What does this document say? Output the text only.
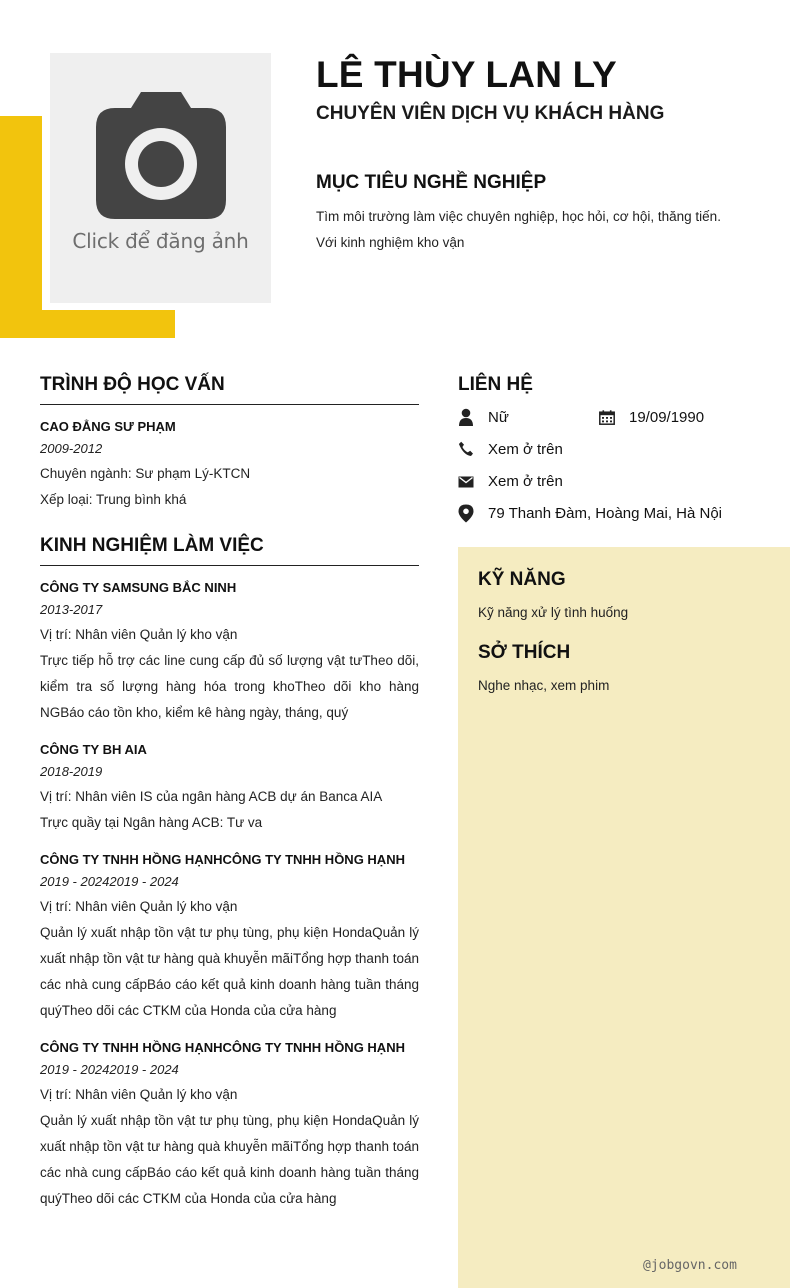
Click để đăng ảnh
LÊ THÙY LAN LY
CHUYÊN VIÊN DỊCH VỤ KHÁCH HÀNG
MỤC TIÊU NGHỀ NGHIỆP

Tìm môi trường làm việc chuyên nghiệp, học hỏi, cơ hội, thăng tiến.

Với kinh nghiệm kho vận

TRÌNH ĐỘ HỌC VẤN
CAO ĐẲNG SƯ PHẠM
2009-2012
Chuyên ngành: Sư phạm Lý-KTCN
Xếp loại: Trung bình khá
KINH NGHIỆM LÀM VIỆC
CÔNG TY SAMSUNG BẮC NINH
2013-2017
Vị trí: Nhân viên Quản lý kho vận
Trực tiếp hỗ trợ các line cung cấp đủ số lượng vật tưTheo dõi, kiểm tra số lượng hàng hóa trong khoTheo dõi kho hàng NGBáo cáo tồn kho, kiểm kê hàng ngày, tháng, quý
CÔNG TY BH AIA
2018-2019
Vị trí: Nhân viên IS của ngân hàng ACB dự án Banca AIA
Trực quầy tại Ngân hàng ACB: Tư va
CÔNG TY TNHH HỒNG HẠNHCÔNG TY TNHH HỒNG HẠNH
2019 - 20242019 - 2024
Vị trí: Nhân viên Quản lý kho vận
Quản lý xuất nhập tồn vật tư phụ tùng, phụ kiện HondaQuản lý xuất nhập tồn vật tư hàng quà khuyễn mãiTổng hợp thanh toán các nhà cung cấpBáo cáo kết quả kinh doanh hàng tuần tháng quýTheo dõi các CTKM của Honda của cửa hàng
CÔNG TY TNHH HỒNG HẠNHCÔNG TY TNHH HỒNG HẠNH
2019 - 20242019 - 2024
Vị trí: Nhân viên Quản lý kho vận
Quản lý xuất nhập tồn vật tư phụ tùng, phụ kiện HondaQuản lý xuất nhập tồn vật tư hàng quà khuyễn mãiTổng hợp thanh toán các nhà cung cấpBáo cáo kết quả kinh doanh hàng tuần tháng quýTheo dõi các CTKM của Honda của cửa hàng
LIÊN HỆ
Nữ	19/09/1990
Xem ở trên
Xem ở trên
79 Thanh Đàm, Hoàng Mai, Hà Nội
KỸ NĂNG

Kỹ năng xử lý tình huống

SỞ THÍCH

Nghe nhạc, xem phim

@jobgovn.com
